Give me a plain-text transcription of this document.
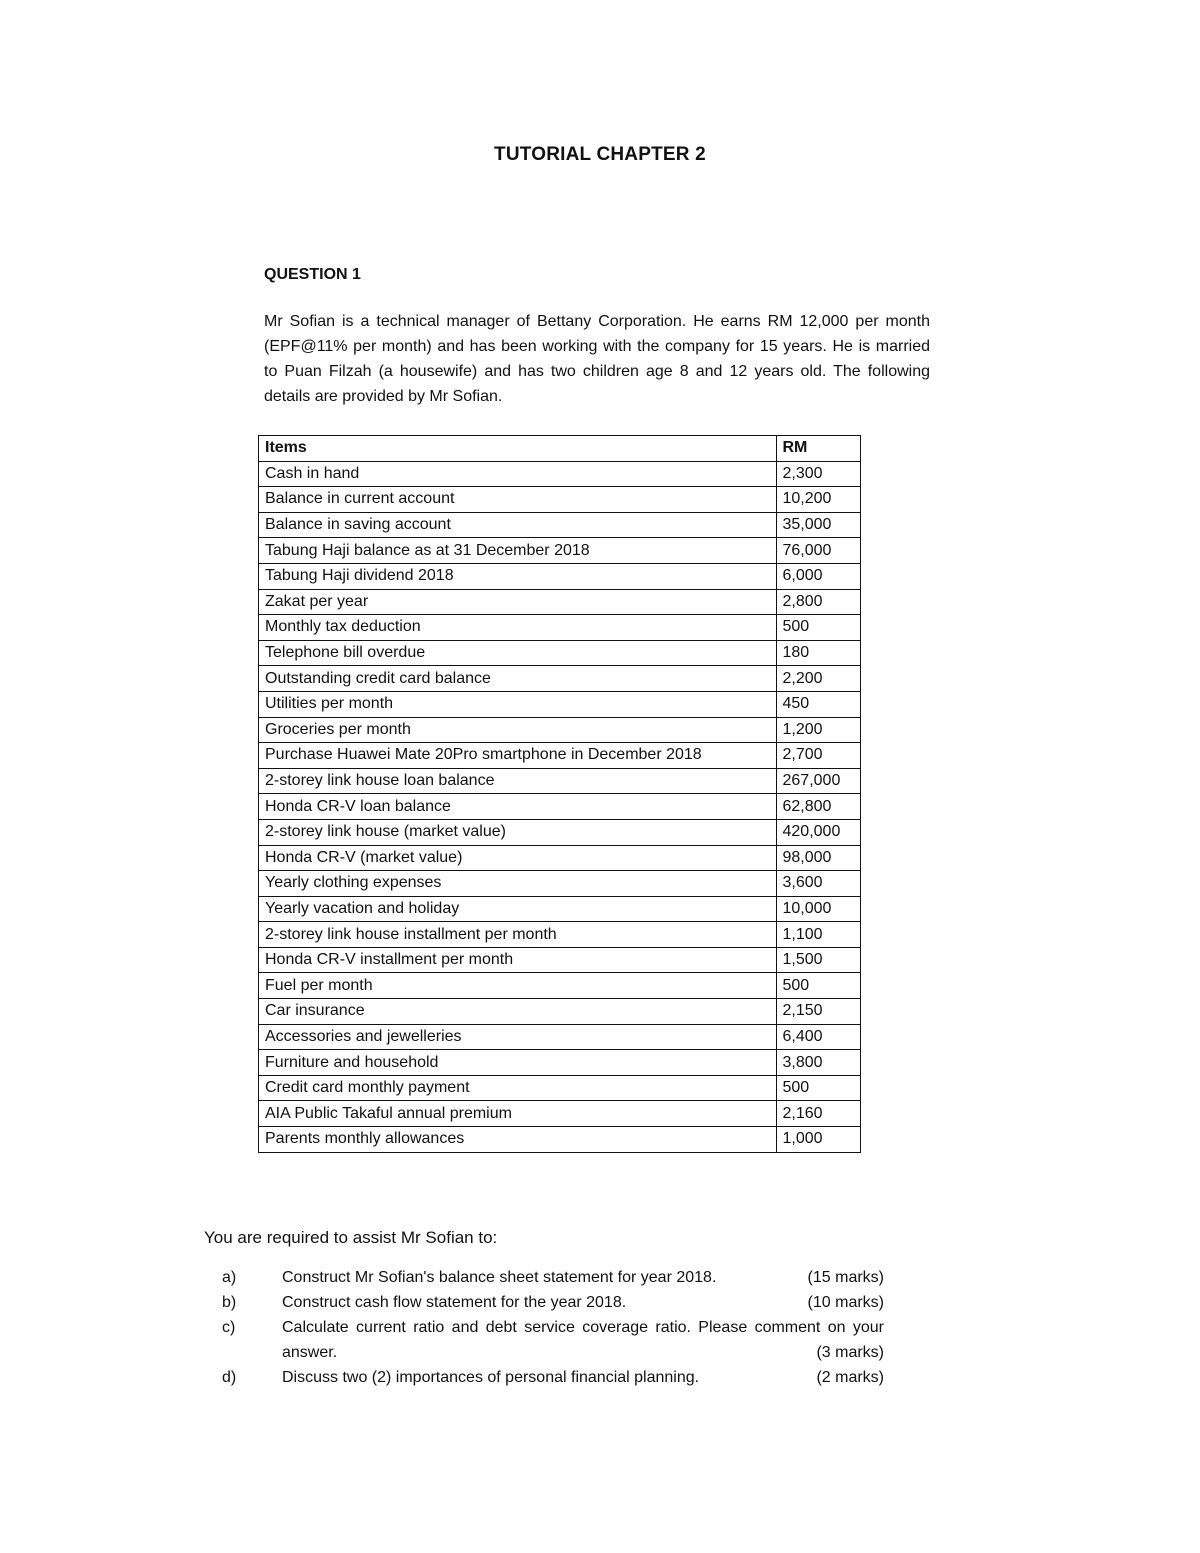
TUTORIAL CHAPTER 2
QUESTION 1
Mr Sofian is a technical manager of Bettany Corporation. He earns RM 12,000 per month (EPF@11% per month) and has been working with the company for 15 years. He is married to Puan Filzah (a housewife) and has two children age 8 and 12 years old. The following details are provided by Mr Sofian.
Items	RM
Cash in hand	2,300
Balance in current account	10,200
Balance in saving account	35,000
Tabung Haji balance as at 31 December 2018	76,000
Tabung Haji dividend 2018	6,000
Zakat per year	2,800
Monthly tax deduction	500
Telephone bill overdue	180
Outstanding credit card balance	2,200
Utilities per month	450
Groceries per month	1,200
Purchase Huawei Mate 20Pro smartphone in December 2018	2,700
2-storey link house loan balance	267,000
Honda CR-V loan balance	62,800
2-storey link house (market value)	420,000
Honda CR-V (market value)	98,000
Yearly clothing expenses	3,600
Yearly vacation and holiday	10,000
2-storey link house installment per month	1,100
Honda CR-V installment per month	1,500
Fuel per month	500
Car insurance	2,150
Accessories and jewelleries	6,400
Furniture and household	3,800
Credit card monthly payment	500
AIA Public Takaful annual premium	2,160
Parents monthly allowances	1,000
You are required to assist Mr Sofian to:
a)	Construct Mr Sofian's balance sheet statement for year 2018.	(15 marks)
b)	Construct cash flow statement for the year 2018.	(10 marks)
c)	Calculate current ratio and debt service coverage ratio. Please comment on your answer.	(3 marks)
d)	Discuss two (2) importances of personal financial planning.	(2 marks)
